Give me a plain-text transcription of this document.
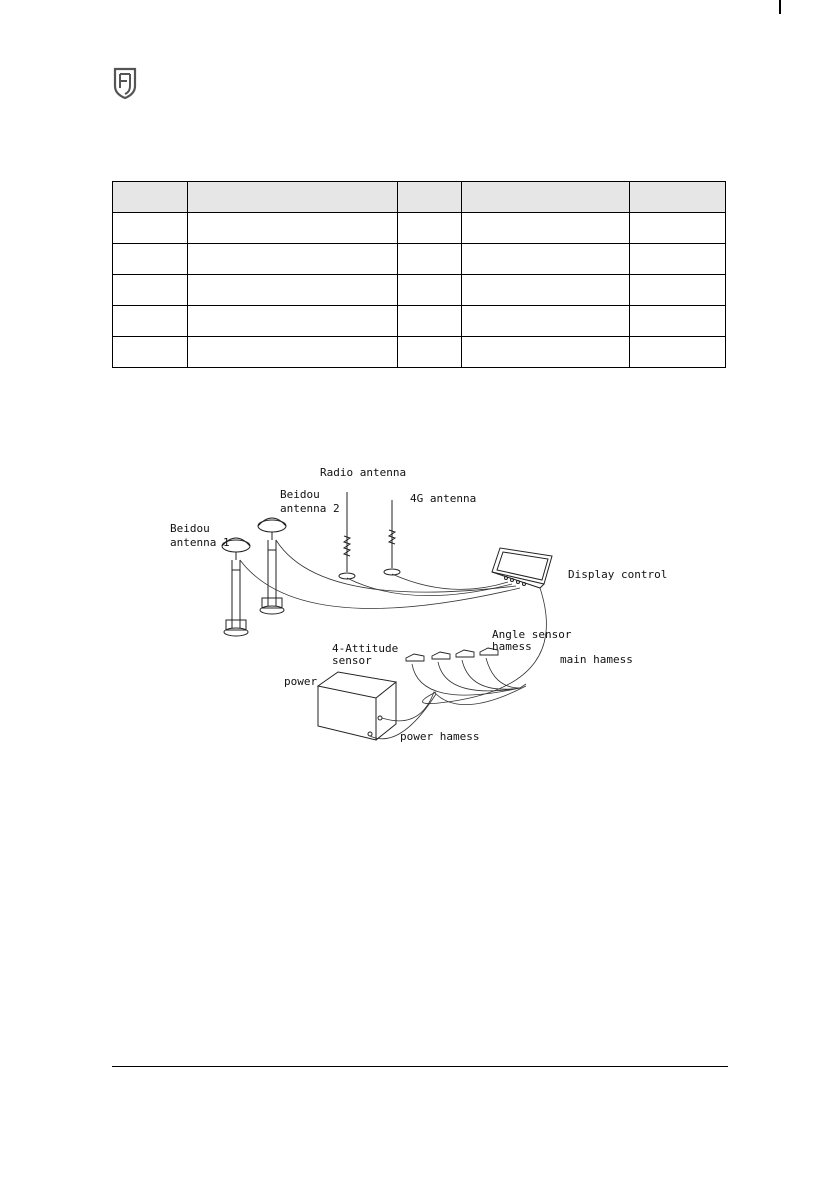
Radio antenna
Beidou
antenna 2
4G antenna
Beidou
antenna 1
Display control
4-Attitude
sensor
Angle sensor
hamess
main hamess
power
power hamess
